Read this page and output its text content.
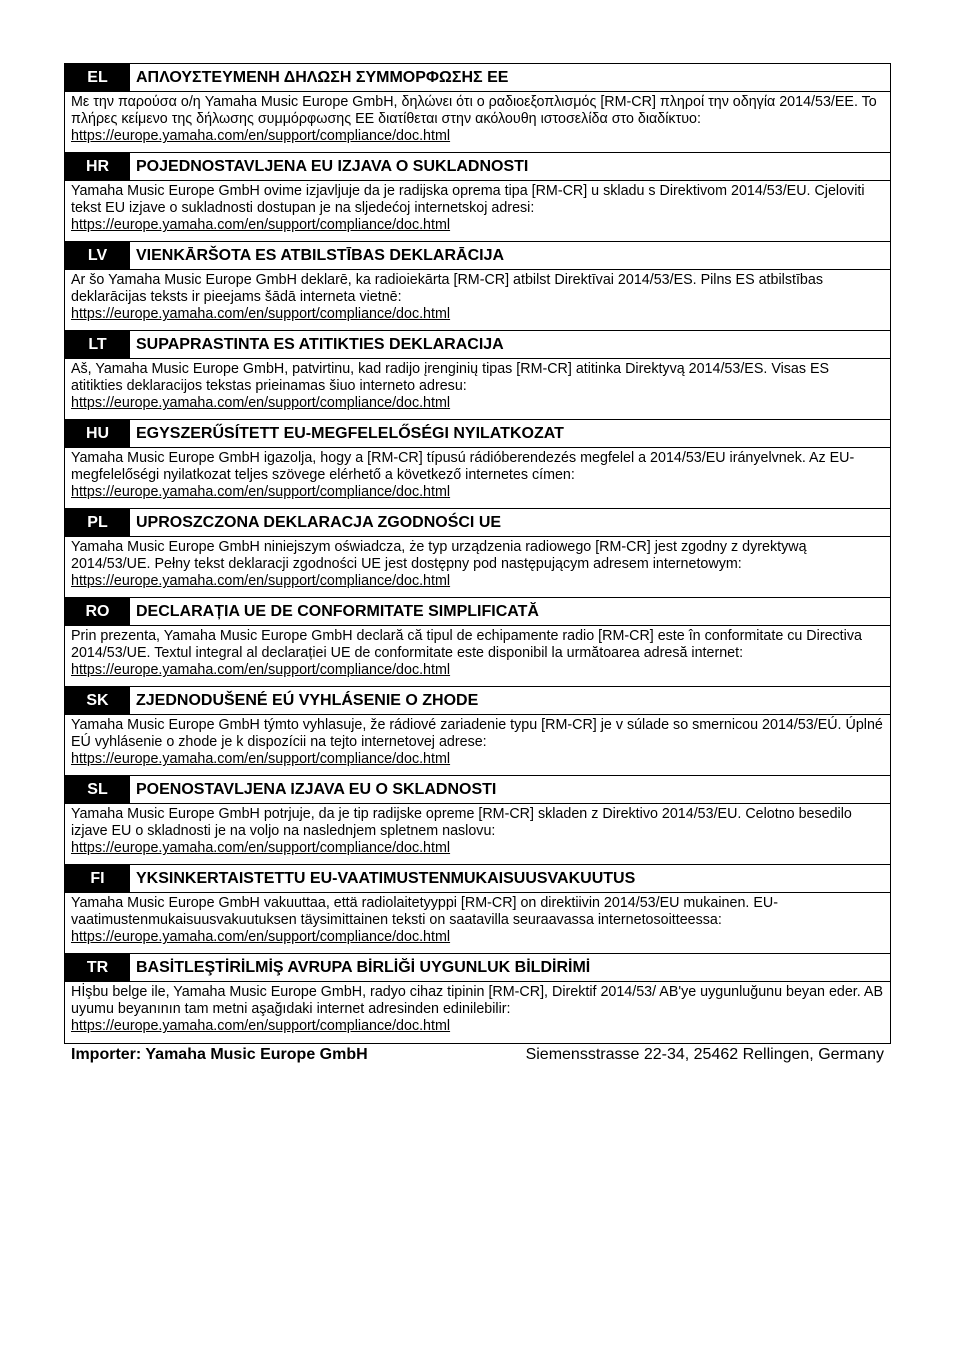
EL	ΑΠΛΟΥΣΤΕΥΜΕΝΗ ΔΗΛΩΣΗ ΣΥΜΜΟΡΦΩΣΗΣ ΕΕ
Με την παρούσα ο/η Yamaha Music Europe GmbH, δηλώνει ότι ο ραδιοεξοπλισμός [RM-CR] πληροί την οδηγία 2014/53/ΕΕ. Το πλήρες κείμενο της δήλωσης συμμόρφωσης ΕΕ διατίθεται στην ακόλουθη ιστοσελίδα στο διαδίκτυο:
https://europe.yamaha.com/en/support/compliance/doc.html
HR	POJEDNOSTAVLJENA EU IZJAVA O SUKLADNOSTI
Yamaha Music Europe GmbH ovime izjavljuje da je radijska oprema tipa [RM-CR] u skladu s Direktivom 2014/53/EU. Cjeloviti tekst EU izjave o sukladnosti dostupan je na sljedećoj internetskoj adresi:
https://europe.yamaha.com/en/support/compliance/doc.html
LV	VIENKĀRŠOTA ES ATBILSTĪBAS DEKLARĀCIJA
Ar šo Yamaha Music Europe GmbH deklarē, ka radioiekārta [RM-CR] atbilst Direktīvai 2014/53/ES. Pilns ES atbilstības deklarācijas teksts ir pieejams šādā interneta vietnē:
https://europe.yamaha.com/en/support/compliance/doc.html
LT	SUPAPRASTINTA ES ATITIKTIES DEKLARACIJA
Aš, Yamaha Music Europe GmbH, patvirtinu, kad radijo įrenginių tipas [RM-CR] atitinka Direktyvą 2014/53/ES. Visas ES atitikties deklaracijos tekstas prieinamas šiuo interneto adresu:
https://europe.yamaha.com/en/support/compliance/doc.html
HU	EGYSZERŰSÍTETT EU-MEGFELELŐSÉGI NYILATKOZAT
Yamaha Music Europe GmbH igazolja, hogy a [RM-CR] típusú rádióberendezés megfelel a 2014/53/EU irányelvnek. Az EU-megfelelőségi nyilatkozat teljes szövege elérhető a következő internetes címen:
https://europe.yamaha.com/en/support/compliance/doc.html
PL	UPROSZCZONA DEKLARACJA ZGODNOŚCI UE
Yamaha Music Europe GmbH niniejszym oświadcza, że typ urządzenia radiowego [RM-CR] jest zgodny z dyrektywą 2014/53/UE. Pełny tekst deklaracji zgodności UE jest dostępny pod następującym adresem internetowym:
https://europe.yamaha.com/en/support/compliance/doc.html
RO	DECLARAȚIA UE DE CONFORMITATE SIMPLIFICATĂ
Prin prezenta, Yamaha Music Europe GmbH declară că tipul de echipamente radio [RM-CR] este în conformitate cu Directiva 2014/53/UE. Textul integral al declarației UE de conformitate este disponibil la următoarea adresă internet:
https://europe.yamaha.com/en/support/compliance/doc.html
SK	ZJEDNODUŠENÉ EÚ VYHLÁSENIE O ZHODE
Yamaha Music Europe GmbH týmto vyhlasuje, že rádiové zariadenie typu [RM-CR] je v súlade so smernicou 2014/53/EÚ. Úplné EÚ vyhlásenie o zhode je k dispozícii na tejto internetovej adrese:
https://europe.yamaha.com/en/support/compliance/doc.html
SL	POENOSTAVLJENA IZJAVA EU O SKLADNOSTI
Yamaha Music Europe GmbH potrjuje, da je tip radijske opreme [RM-CR] skladen z Direktivo 2014/53/EU. Celotno besedilo izjave EU o skladnosti je na voljo na naslednjem spletnem naslovu:
https://europe.yamaha.com/en/support/compliance/doc.html
FI	YKSINKERTAISTETTU EU-VAATIMUSTENMUKAISUUSVAKUUTUS
Yamaha Music Europe GmbH vakuuttaa, että radiolaitetyyppi [RM-CR] on direktiivin 2014/53/EU mukainen. EU-vaatimustenmukaisuusvakuutuksen täysimittainen teksti on saatavilla seuraavassa internetosoitteessa:
https://europe.yamaha.com/en/support/compliance/doc.html
TR	BASİTLEŞTİRİLMİŞ AVRUPA BİRLİĞİ UYGUNLUK BİLDİRİMİ
Hİşbu belge ile, Yamaha Music Europe GmbH, radyo cihaz tipinin [RM-CR], Direktif 2014/53/ AB'ye uygunluğunu beyan eder. AB uyumu beyanının tam metni aşağıdaki internet adresinden edinilebilir:
https://europe.yamaha.com/en/support/compliance/doc.html
Importer: Yamaha Music Europe GmbH	Siemensstrasse 22-34, 25462 Rellingen, Germany
